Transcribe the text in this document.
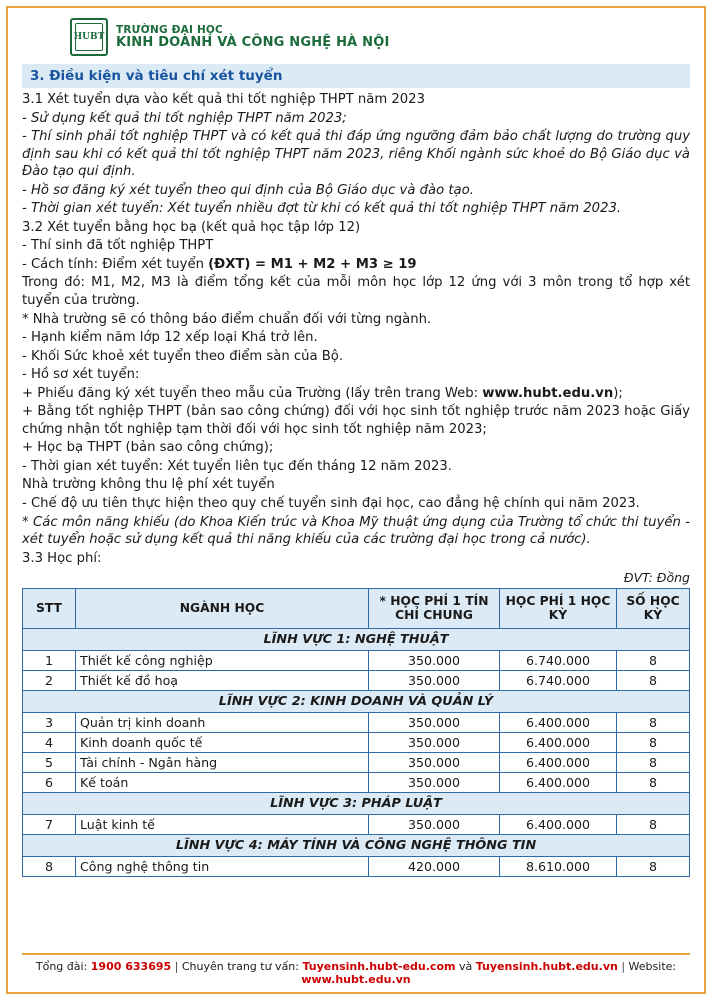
HUBT
TRƯỜNG ĐẠI HỌC
KINH DOANH VÀ CÔNG NGHỆ HÀ NỘI
3. Điều kiện và tiêu chí xét tuyển

3.1 Xét tuyển dựa vào kết quả thi tốt nghiệp THPT năm 2023

- Sử dụng kết quả thi tốt nghiệp THPT năm 2023;

- Thí sinh phải tốt nghiệp THPT và có kết quả thi đáp ứng ngưỡng đảm bảo chất lượng do trường quy định sau khi có kết quả thi tốt nghiệp THPT năm 2023, riêng Khối ngành sức khoẻ do Bộ Giáo dục và Đào tạo qui định.

- Hồ sơ đăng ký xét tuyển theo qui định của Bộ Giáo dục và đào tạo.

- Thời gian xét tuyển: Xét tuyển nhiều đợt từ khi có kết quả thi tốt nghiệp THPT năm 2023.

3.2 Xét tuyển bằng học bạ (kết quả học tập lớp 12)

- Thí sinh đã tốt nghiệp THPT

- Cách tính: Điểm xét tuyển (ĐXT) = M1 + M2 + M3 ≥ 19

Trong đó: M1, M2, M3 là điểm tổng kết của mỗi môn học lớp 12 ứng với 3 môn trong tổ hợp xét tuyển của trường.

* Nhà trường sẽ có thông báo điểm chuẩn đối với từng ngành.

- Hạnh kiểm năm lớp 12 xếp loại Khá trở lên.

- Khối Sức khoẻ xét tuyển theo điểm sàn của Bộ.

- Hồ sơ xét tuyển:

+ Phiếu đăng ký xét tuyển theo mẫu của Trường (lấy trên trang Web: www.hubt.edu.vn);

+ Bằng tốt nghiệp THPT (bản sao công chứng) đối với học sinh tốt nghiệp trước năm 2023 hoặc Giấy chứng nhận tốt nghiệp tạm thời đối với học sinh tốt nghiệp năm 2023;

+ Học bạ THPT (bản sao công chứng);

- Thời gian xét tuyển: Xét tuyển liên tục đến tháng 12 năm 2023.

Nhà trường không thu lệ phí xét tuyển

- Chế độ ưu tiên thực hiện theo quy chế tuyển sinh đại học, cao đẳng hệ chính qui năm 2023.

* Các môn năng khiếu (do Khoa Kiến trúc và Khoa Mỹ thuật ứng dụng của Trường tổ chức thi tuyển - xét tuyển hoặc sử dụng kết quả thi năng khiếu của các trường đại học trong cả nước).

3.3 Học phí:

ĐVT: Đồng
STT	NGÀNH HỌC	* HỌC PHÍ 1 TÍN CHỈ CHUNG	HỌC PHÍ 1 HỌC KỲ	SỐ HỌC KỲ
LĨNH VỰC 1: NGHỆ THUẬT				
1	Thiết kế công nghiệp	350.000	6.740.000	8
2	Thiết kế đồ hoạ	350.000	6.740.000	8
LĨNH VỰC 2: KINH DOANH VÀ QUẢN LÝ				
3	Quản trị kinh doanh	350.000	6.400.000	8
4	Kinh doanh quốc tế	350.000	6.400.000	8
5	Tài chính - Ngân hàng	350.000	6.400.000	8
6	Kế toán	350.000	6.400.000	8
LĨNH VỰC 3: PHÁP LUẬT				
7	Luật kinh tế	350.000	6.400.000	8
LĨNH VỰC 4: MÁY TÍNH VÀ CÔNG NGHỆ THÔNG TIN				
8	Công nghệ thông tin	420.000	8.610.000	8
Tổng đài: 1900 633695 | Chuyên trang tư vấn: Tuyensinh.hubt-edu.com và Tuyensinh.hubt.edu.vn | Website: www.hubt.edu.vn
